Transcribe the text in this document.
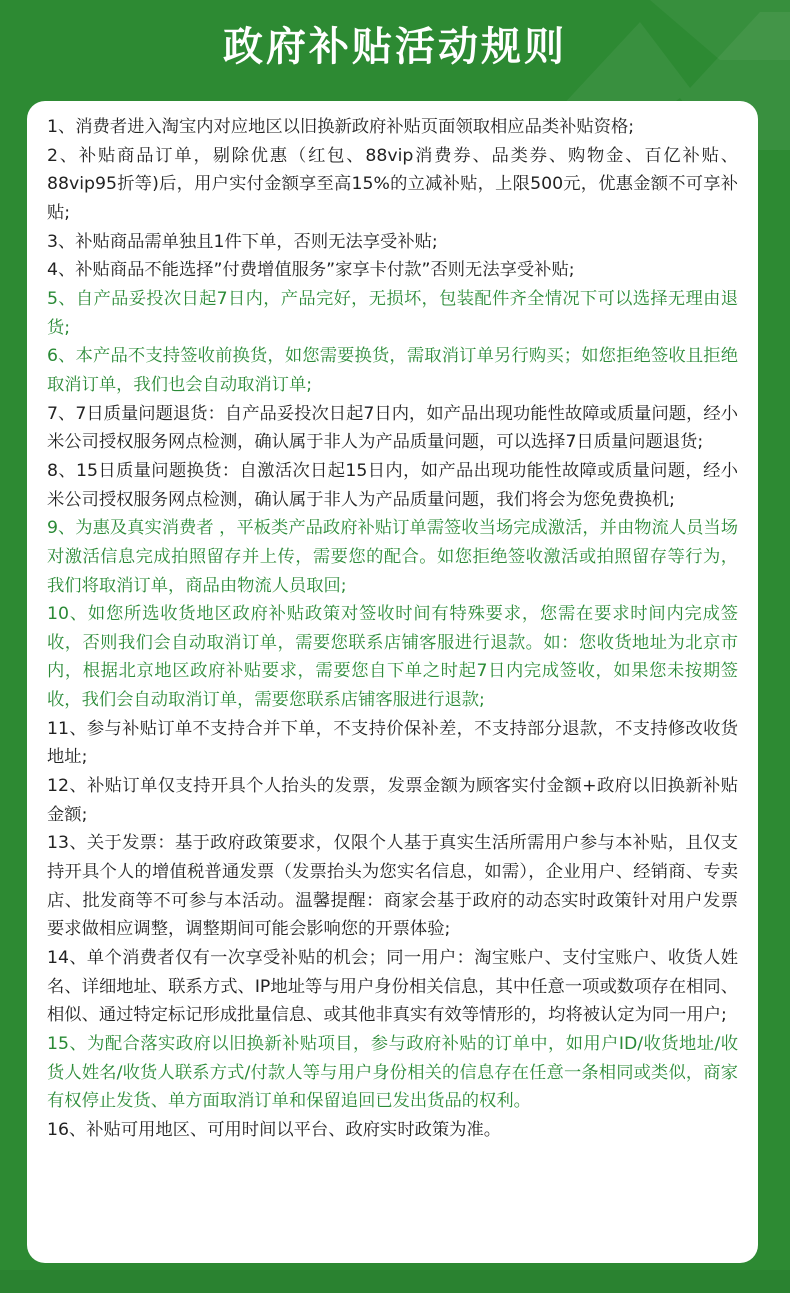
政府补贴活动规则
1、消费者进入淘宝内对应地区以旧换新政府补贴页面领取相应品类补贴资格;
2、补贴商品订单，剔除优惠（红包、88vip消费券、品类券、购物金、百亿补贴、88vip95折等)后，用户实付金额享至高15%的立减补贴，上限500元，优惠金额不可享补贴;
3、补贴商品需单独且1件下单，否则无法享受补贴;
4、补贴商品不能选择”付费增值服务”家享卡付款”否则无法享受补贴;
5、自产品妥投次日起7日内，产品完好，无损坏，包装配件齐全情况下可以选择无理由退货;
6、本产品不支持签收前换货，如您需要换货，需取消订单另行购买；如您拒绝签收且拒绝取消订单，我们也会自动取消订单;
7、7日质量问题退货：自产品妥投次日起7日内，如产品出现功能性故障或质量问题，经小米公司授权服务网点检测，确认属于非人为产品质量问题，可以选择7日质量问题退货;
8、15日质量问题换货：自激活次日起15日内，如产品出现功能性故障或质量问题，经小米公司授权服务网点检测，确认属于非人为产品质量问题，我们将会为您免费换机;
9、为惠及真实消费者 ，平板类产品政府补贴订单需签收当场完成激活，并由物流人员当场对激活信息完成拍照留存并上传，需要您的配合。如您拒绝签收激活或拍照留存等行为，我们将取消订单，商品由物流人员取回;
10、如您所选收货地区政府补贴政策对签收时间有特殊要求，您需在要求时间内完成签收，否则我们会自动取消订单，需要您联系店铺客服进行退款。如：您收货地址为北京市内，根据北京地区政府补贴要求，需要您自下单之时起7日内完成签收，如果您未按期签收，我们会自动取消订单，需要您联系店铺客服进行退款;
11、参与补贴订单不支持合并下单，不支持价保补差，不支持部分退款，不支持修改收货地址;
12、补贴订单仅支持开具个人抬头的发票，发票金额为顾客实付金额+政府以旧换新补贴金额;
13、关于发票：基于政府政策要求，仅限个人基于真实生活所需用户参与本补贴，且仅支持开具个人的增值税普通发票（发票抬头为您实名信息，如需），企业用户、经销商、专卖店、批发商等不可参与本活动。温馨提醒：商家会基于政府的动态实时政策针对用户发票要求做相应调整，调整期间可能会影响您的开票体验;
14、单个消费者仅有一次享受补贴的机会；同一用户：淘宝账户、支付宝账户、收货人姓名、详细地址、联系方式、IP地址等与用户身份相关信息，其中任意一项或数项存在相同、相似、通过特定标记形成批量信息、或其他非真实有效等情形的，均将被认定为同一用户;
15、为配合落实政府以旧换新补贴项目，参与政府补贴的订单中，如用户ID/收货地址/收货人姓名/收货人联系方式/付款人等与用户身份相关的信息存在任意一条相同或类似，商家有权停止发货、单方面取消订单和保留追回已发出货品的权利。
16、补贴可用地区、可用时间以平台、政府实时政策为准。
